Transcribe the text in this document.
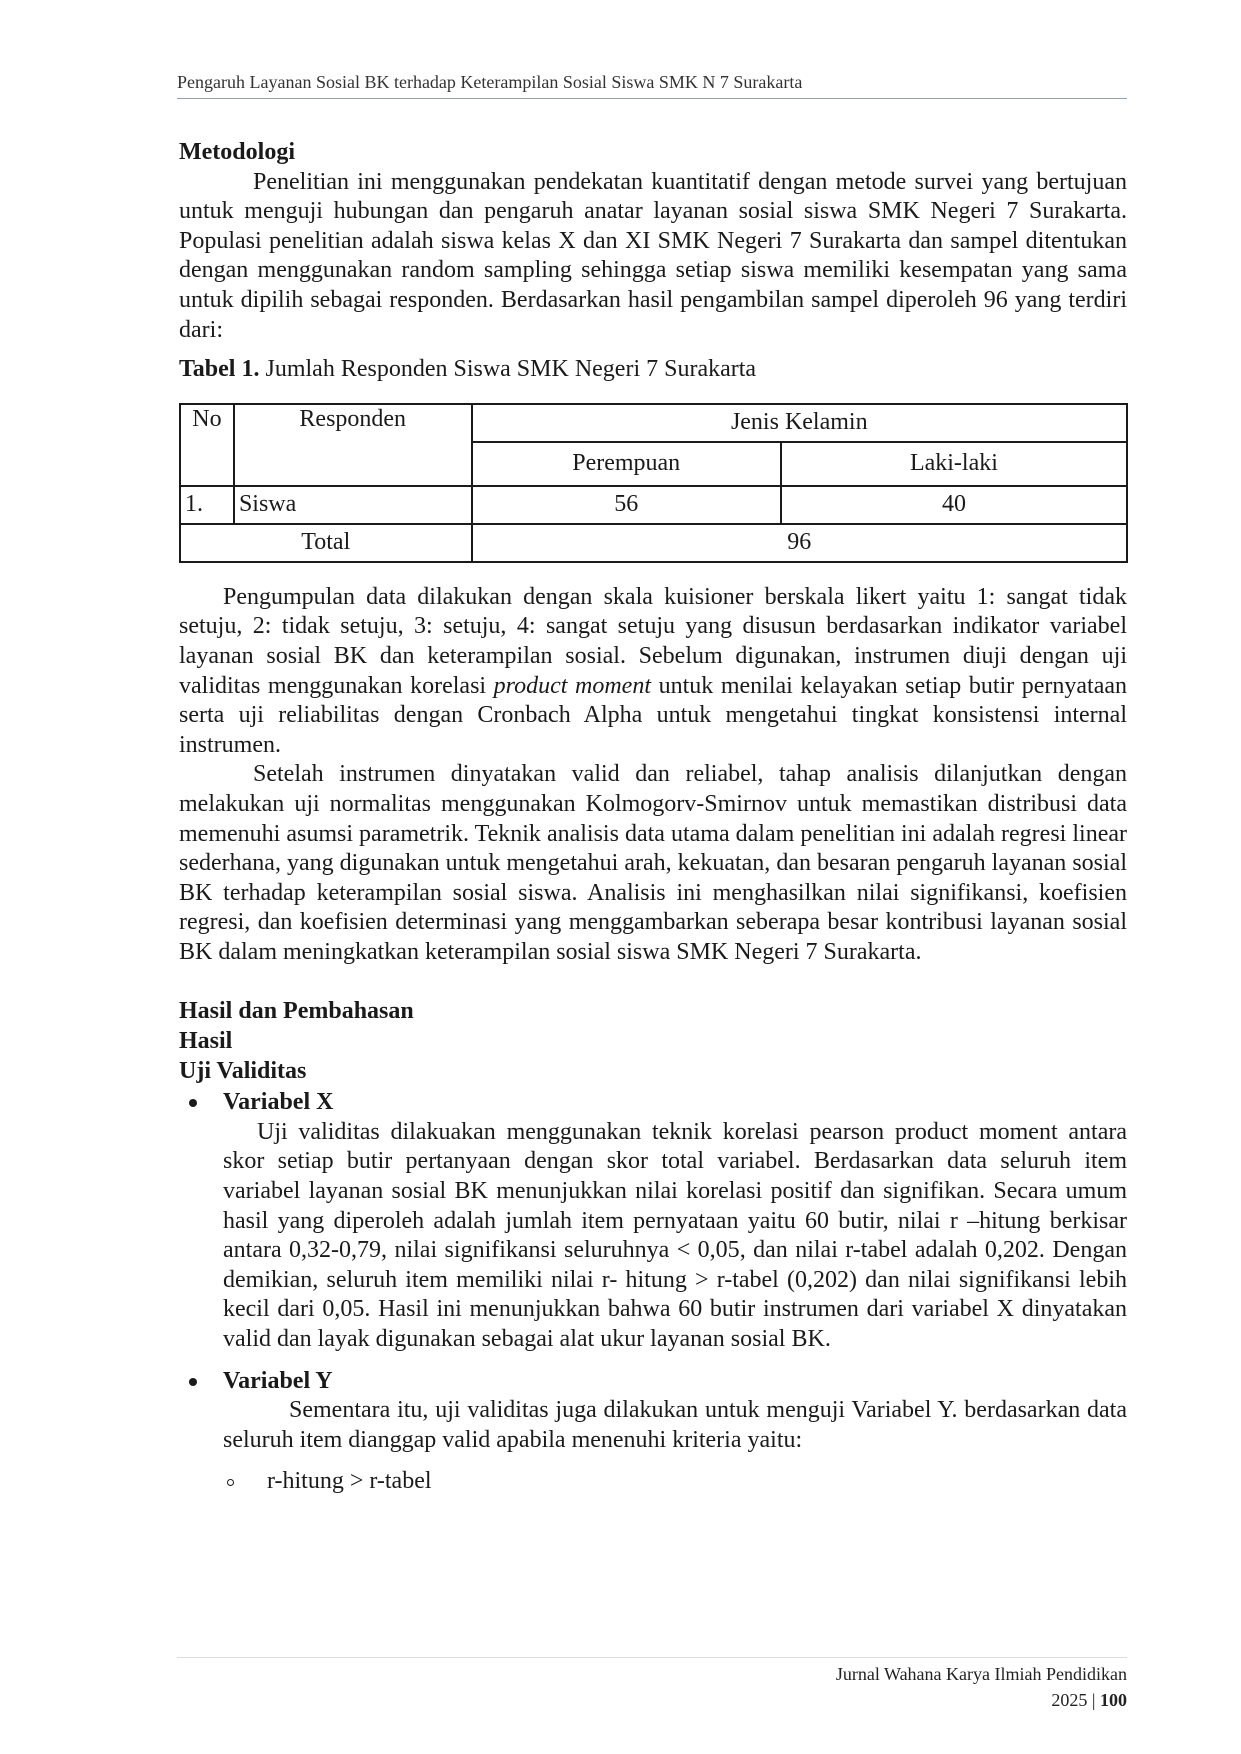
Pengaruh Layanan Sosial BK terhadap Keterampilan Sosial Siswa SMK N 7 Surakarta

Metodologi

Penelitian ini menggunakan pendekatan kuantitatif dengan metode survei yang bertujuan untuk menguji hubungan dan pengaruh anatar layanan sosial siswa SMK Negeri 7 Surakarta. Populasi penelitian adalah siswa kelas X dan XI SMK Negeri 7 Surakarta dan sampel ditentukan dengan menggunakan random sampling sehingga setiap siswa memiliki kesempatan yang sama untuk dipilih sebagai responden. Berdasarkan hasil pengambilan sampel diperoleh 96 yang terdiri dari:

Tabel 1. Jumlah Responden Siswa SMK Negeri 7 Surakarta

No	Responden	Jenis Kelamin	
		Perempuan	Laki-laki
1.	Siswa	56	40
Total		96	

Pengumpulan data dilakukan dengan skala kuisioner berskala likert yaitu 1: sangat tidak setuju, 2: tidak setuju, 3: setuju, 4: sangat setuju yang disusun berdasarkan indikator variabel layanan sosial BK dan keterampilan sosial. Sebelum digunakan, instrumen diuji dengan uji validitas menggunakan korelasi product moment untuk menilai kelayakan setiap butir pernyataan serta uji reliabilitas dengan Cronbach Alpha untuk mengetahui tingkat konsistensi internal instrumen.

Setelah instrumen dinyatakan valid dan reliabel, tahap analisis dilanjutkan dengan melakukan uji normalitas menggunakan Kolmogorv-Smirnov untuk memastikan distribusi data memenuhi asumsi parametrik. Teknik analisis data utama dalam penelitian ini adalah regresi linear sederhana, yang digunakan untuk mengetahui arah, kekuatan, dan besaran pengaruh layanan sosial BK terhadap keterampilan sosial siswa. Analisis ini menghasilkan nilai signifikansi, koefisien regresi, dan koefisien determinasi yang menggambarkan seberapa besar kontribusi layanan sosial BK dalam meningkatkan keterampilan sosial siswa SMK Negeri 7 Surakarta.

Hasil dan Pembahasan

Hasil

Uji Validitas

Variabel X

Uji validitas dilakuakan menggunakan teknik korelasi pearson product moment antara skor setiap butir pertanyaan dengan skor total variabel. Berdasarkan data seluruh item variabel layanan sosial BK menunjukkan nilai korelasi positif dan signifikan. Secara umum hasil yang diperoleh adalah jumlah item pernyataan yaitu 60 butir, nilai r –hitung berkisar antara 0,32-0,79, nilai signifikansi seluruhnya < 0,05, dan nilai r-tabel adalah 0,202. Dengan demikian, seluruh item memiliki nilai r- hitung > r-tabel (0,202) dan nilai signifikansi lebih kecil dari 0,05. Hasil ini menunjukkan bahwa 60 butir instrumen dari variabel X dinyatakan valid dan layak digunakan sebagai alat ukur layanan sosial BK.

Variabel Y

Sementara itu, uji validitas juga dilakukan untuk menguji Variabel Y. berdasarkan data seluruh item dianggap valid apabila menenuhi kriteria yaitu:

r-hitung > r-tabel

Jurnal Wahana Karya Ilmiah Pendidikan
2025 | 100
